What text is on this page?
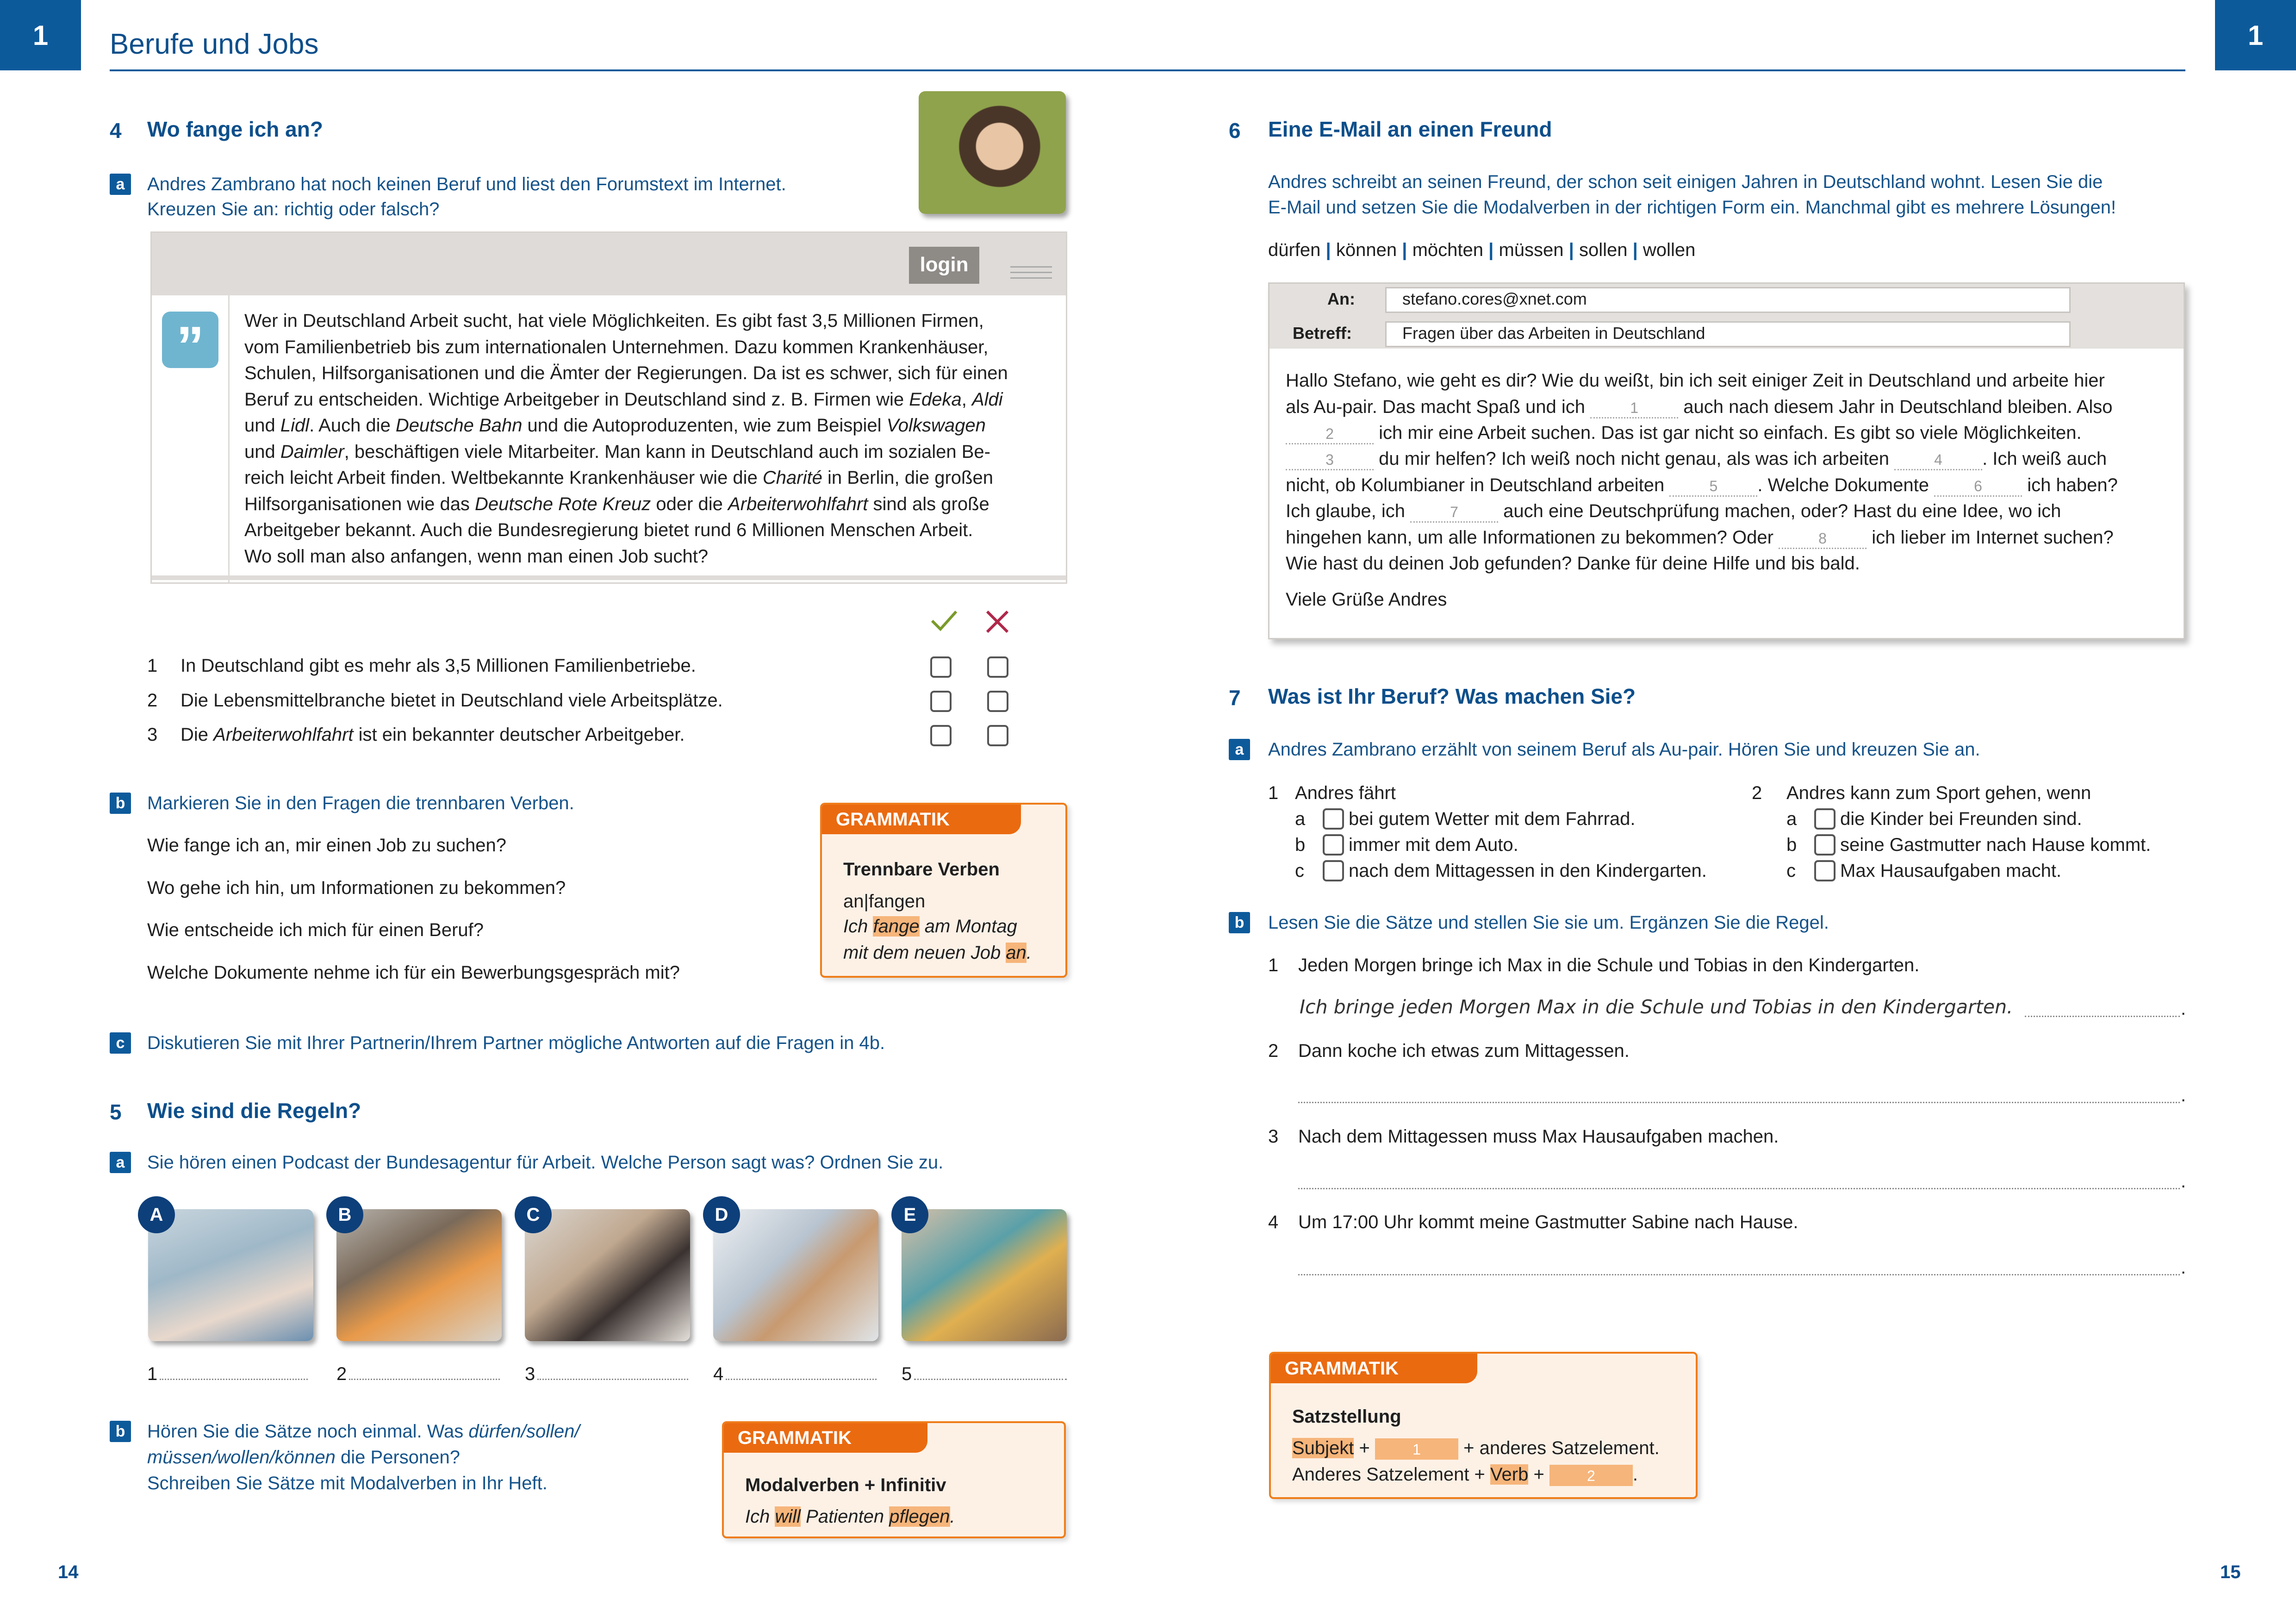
1	1
Berufe und Jobs
4 Wo fange ich an?
a	Andres Zambrano hat noch keinen Beruf und liest den Forumstext im Internet.
Kreuzen Sie an: richtig oder falsch?
login
”	Wer in Deutschland Arbeit sucht, hat viele Möglichkeiten. Es gibt fast 3,5 Millionen Firmen,
vom Familienbetrieb bis zum internationalen Unternehmen. Dazu kommen Krankenhäuser,
Schulen, Hilfsorganisationen und die Ämter der Regierungen. Da ist es schwer, sich für einen
Beruf zu entscheiden. Wichtige Arbeitgeber in Deutschland sind z. B. Firmen wie Edeka, Aldi
und Lidl. Auch die Deutsche Bahn und die Autoproduzenten, wie zum Beispiel Volkswagen
und Daimler, beschäftigen viele Mitarbeiter. Man kann in Deutschland auch im sozialen Be-
reich leicht Arbeit finden. Weltbekannte Krankenhäuser wie die Charité in Berlin, die großen
Hilfsorganisationen wie das Deutsche Rote Kreuz oder die Arbeiterwohlfahrt sind als große
Arbeitgeber bekannt. Auch die Bundesregierung bietet rund 6 Millionen Menschen Arbeit.
Wo soll man also anfangen, wenn man einen Job sucht?
1 In Deutschland gibt es mehr als 3,5 Millionen Familienbetriebe.
2 Die Lebensmittelbranche bietet in Deutschland viele Arbeitsplätze.
3 Die Arbeiterwohlfahrt ist ein bekannter deutscher Arbeitgeber.
b	Markieren Sie in den Fragen die trennbaren Verben.
Wie fange ich an, mir einen Job zu suchen?
Wo gehe ich hin, um Informationen zu bekommen?
Wie entscheide ich mich für einen Beruf?
Welche Dokumente nehme ich für ein Bewerbungsgespräch mit?
GRAMMATIK
Trennbare Verben
an|fangen
Ich fange am Montag
mit dem neuen Job an.
c	Diskutieren Sie mit Ihrer Partnerin/Ihrem Partner mögliche Antworten auf die Fragen in 4b.
5 Wie sind die Regeln?
a	Sie hören einen Podcast der Bundesagentur für Arbeit. Welche Person sagt was? Ordnen Sie zu.
A	B	C	D	E
1	2	3	4	5
b	Hören Sie die Sätze noch einmal. Was dürfen/sollen/
müssen/wollen/können die Personen?
Schreiben Sie Sätze mit Modalverben in Ihr Heft.
GRAMMATIK
Modalverben + Infinitiv
Ich will Patienten pflegen.
14	15
6 Eine E-Mail an einen Freund
Andres schreibt an seinen Freund, der schon seit einigen Jahren in Deutschland wohnt. Lesen Sie die
E-Mail und setzen Sie die Modalverben in der richtigen Form ein. Manchmal gibt es mehrere Lösungen!
dürfen | können | möchten | müssen | sollen | wollen
An:	stefano.cores@xnet.com
Betreff:	Fragen über das Arbeiten in Deutschland
Hallo Stefano, wie geht es dir? Wie du weißt, bin ich seit einiger Zeit in Deutschland und arbeite hier
als Au-pair. Das macht Spaß und ich	1 auch nach diesem Jahr in Deutschland bleiben. Also
2 ich mir eine Arbeit suchen. Das ist gar nicht so einfach. Es gibt so viele Möglichkeiten.
3 du mir helfen? Ich weiß noch nicht genau, als was ich arbeiten	4 . Ich weiß auch
nicht, ob Kolumbianer in Deutschland arbeiten	5 . Welche Dokumente	6 ich haben?
Ich glaube, ich	7 auch eine Deutschprüfung machen, oder? Hast du eine Idee, wo ich
hingehen kann, um alle Informationen zu bekommen? Oder	8 ich lieber im Internet suchen?
Wie hast du deinen Job gefunden? Danke für deine Hilfe und bis bald.
Viele Grüße Andres
7 Was ist Ihr Beruf? Was machen Sie?
a	Andres Zambrano erzählt von seinem Beruf als Au-pair. Hören Sie und kreuzen Sie an.
1 Andres fährt
a bei gutem Wetter mit dem Fahrrad.
b immer mit dem Auto.
c nach dem Mittagessen in den Kindergarten.
2 Andres kann zum Sport gehen, wenn
a die Kinder bei Freunden sind.
b seine Gastmutter nach Hause kommt.
c Max Hausaufgaben macht.
b	Lesen Sie die Sätze und stellen Sie sie um. Ergänzen Sie die Regel.
1 Jeden Morgen bringe ich Max in die Schule und Tobias in den Kindergarten.
Ich bringe jeden Morgen Max in die Schule und Tobias in den Kindergarten.	.
2 Dann koche ich etwas zum Mittagessen.
.
3 Nach dem Mittagessen muss Max Hausaufgaben machen.
.
4 Um 17:00 Uhr kommt meine Gastmutter Sabine nach Hause.
.
GRAMMATIK
Satzstellung
Subjekt +	1 + anderes Satzelement.
Anderes Satzelement + Verb +	2 .
